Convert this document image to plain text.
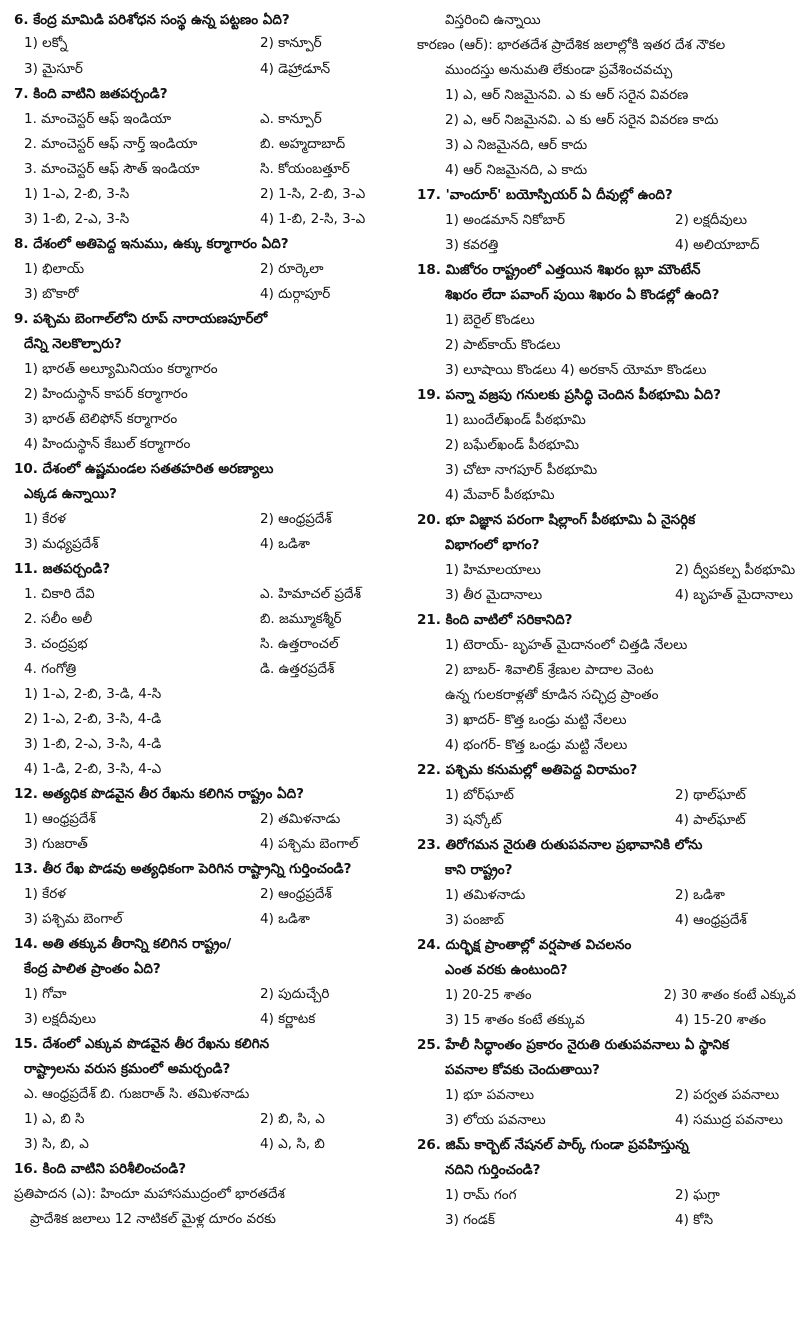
6. కేంద్ర మామిడి పరిశోధన సంస్థ ఉన్న పట్టణం ఏది?
1) లక్నో	2) కాన్పూర్
3) మైసూర్	4) డెహ్రాడూన్
7. కింది వాటిని జతపర్చండి?
1. మాంచెస్టర్ ఆఫ్ ఇండియా	ఎ. కాన్పూర్
2. మాంచెస్టర్ ఆఫ్ నార్త్ ఇండియా	బి. అహ్మదాబాద్
3. మాంచెస్టర్ ఆఫ్ సౌత్ ఇండియా	సి. కోయంబత్తూర్
1) 1-ఎ, 2-బి, 3-సి	2) 1-సి, 2-బి, 3-ఎ
3) 1-బి, 2-ఎ, 3-సి	4) 1-బి, 2-సి, 3-ఎ
8. దేశంలో అతిపెద్ద ఇనుము, ఉక్కు కర్మాగారం ఏది?
1) భిలాయ్	2) రూర్కెలా
3) బొకారో	4) దుర్గాపూర్
9. పశ్చిమ బెంగాల్‌లోని రూప్ నారాయణపూర్‌లో
దేన్ని నెలకొల్పారు?
1) భారత్ అల్యూమినియం కర్మాగారం
2) హిందుస్థాన్ కాపర్ కర్మాగారం
3) భారత్ టెలిఫోన్ కర్మాగారం
4) హిందుస్థాన్ కేబుల్ కర్మాగారం
10. దేశంలో ఉష్ణమండల సతతహరిత అరణ్యాలు
ఎక్కడ ఉన్నాయి?
1) కేరళ	2) ఆంధ్రప్రదేశ్
3) మధ్యప్రదేశ్	4) ఒడిశా
11. జతపర్చండి?
1. చికారి దేవి	ఎ. హిమాచల్ ప్రదేశ్
2. సలీం అలీ	బి. జమ్మూకశ్మీర్
3. చంద్రప్రభ	సి. ఉత్తరాంచల్
4. గంగోత్రి	డి. ఉత్తరప్రదేశ్
1) 1-ఎ, 2-బి, 3-డి, 4-సి
2) 1-ఎ, 2-బి, 3-సి, 4-డి
3) 1-బి, 2-ఎ, 3-సి, 4-డి
4) 1-డి, 2-బి, 3-సి, 4-ఎ
12. అత్యధిక పొడవైన తీర రేఖను కలిగిన రాష్ట్రం ఏది?
1) ఆంధ్రప్రదేశ్	2) తమిళనాడు
3) గుజరాత్	4) పశ్చిమ బెంగాల్
13. తీర రేఖ పొడవు అత్యధికంగా పెరిగిన రాష్ట్రాన్ని గుర్తించండి?
1) కేరళ	2) ఆంధ్రప్రదేశ్
3) పశ్చిమ బెంగాల్	4) ఒడిశా
14. అతి తక్కువ తీరాన్ని కలిగిన రాష్ట్రం/
కేంద్ర పాలిత ప్రాంతం ఏది?
1) గోవా	2) పుదుచ్చేరి
3) లక్షదీవులు	4) కర్ణాటక
15. దేశంలో ఎక్కువ పొడవైన తీర రేఖను కలిగిన
రాష్ట్రాలను వరుస క్రమంలో అమర్చండి?
ఎ. ఆంధ్రప్రదేశ్ బి. గుజరాత్ సి. తమిళనాడు
1) ఎ, బి సి	2) బి, సి, ఎ
3) సి, బి, ఎ	4) ఎ, సి, బి
16. కింది వాటిని పరిశీలించండి?
ప్రతిపాదన (ఎ): హిందూ మహాసముద్రంలో భారతదేశ
ప్రాదేశిక జలాలు 12 నాటికల్ మైళ్ల దూరం వరకు
విస్తరించి ఉన్నాయి
కారణం (ఆర్): భారతదేశ ప్రాదేశిక జలాల్లోకి ఇతర దేశ నౌకల
ముందస్తు అనుమతి లేకుండా ప్రవేశించవచ్చు
1) ఎ, ఆర్ నిజమైనవి. ఎ కు ఆర్ సరైన వివరణ
2) ఎ, ఆర్ నిజమైనవి. ఎ కు ఆర్ సరైన వివరణ కాదు
3) ఎ నిజమైనది, ఆర్ కాదు
4) ఆర్ నిజమైనది, ఎ కాదు
17. 'వాందూర్' బయోస్పియర్ ఏ దీవుల్లో ఉంది?
1) అండమాన్ నికోబార్	2) లక్షదీవులు
3) కవరత్తి	4) అలియాబాద్
18. మిజోరం రాష్ట్రంలో ఎత్తయిన శిఖరం బ్లూ మౌంటేన్
శిఖరం లేదా పవాంగ్ పుయి శిఖరం ఏ కొండల్లో ఉంది?
1) బెరైల్ కొండలు
2) పాట్‌కాయ్ కొండలు
3) లూషాయి కొండలు 4) అరకాన్ యోమా కొండలు
19. పన్నా వజ్రపు గనులకు ప్రసిద్ధి చెందిన పీఠభూమి ఏది?
1) బుందేల్‌ఖండ్ పీఠభూమి
2) బఘేల్‌ఖండ్ పీఠభూమి
3) చోటా నాగపూర్ పీఠభూమి
4) మేవార్ పీఠభూమి
20. భూ విజ్ఞాన పరంగా షిల్లాంగ్ పీఠభూమి ఏ నైసర్గిక
విభాగంలో భాగం?
1) హిమాలయాలు	2) ద్వీపకల్ప పీఠభూమి
3) తీర మైదానాలు	4) బృహత్ మైదానాలు
21. కింది వాటిలో సరికానిది?
1) టెరాయ్- బృహత్ మైదానంలో చిత్తడి నేలలు
2) బాబర్- శివాలిక్ శ్రేణుల పాదాల వెంట
ఉన్న గులకరాళ్లతో కూడిన సచ్ఛిద్ర ప్రాంతం
3) ఖాదర్- కొత్త ఒండ్రు మట్టి నేలలు
4) భంగర్- కొత్త ఒండ్రు మట్టి నేలలు
22. పశ్చిమ కనుమల్లో అతిపెద్ద విరామం?
1) బోర్‌ఘాట్	2) థాల్‌ఘాట్
3) షన్కోట్	4) పాల్‌ఘాట్
23. తిరోగమన నైరుతి రుతుపవనాల ప్రభావానికి లోను
కాని రాష్ట్రం?
1) తమిళనాడు	2) ఒడిశా
3) పంజాబ్	4) ఆంధ్రప్రదేశ్
24. దుర్భిక్ష ప్రాంతాల్లో వర్షపాత విచలనం
ఎంత వరకు ఉంటుంది?
1) 20-25 శాతం	2) 30 శాతం కంటే ఎక్కువ
3) 15 శాతం కంటే తక్కువ	4) 15-20 శాతం
25. హేలీ సిద్ధాంతం ప్రకారం నైరుతి రుతుపవనాలు ఏ స్థానిక
పవనాల కోవకు చెందుతాయి?
1) భూ పవనాలు	2) పర్వత పవనాలు
3) లోయ పవనాలు	4) సముద్ర పవనాలు
26. జిమ్ కార్బెట్ నేషనల్ పార్క్ గుండా ప్రవహిస్తున్న
నదిని గుర్తించండి?
1) రామ్ గంగ	2) ఘగ్రా
3) గండక్	4) కోసి
